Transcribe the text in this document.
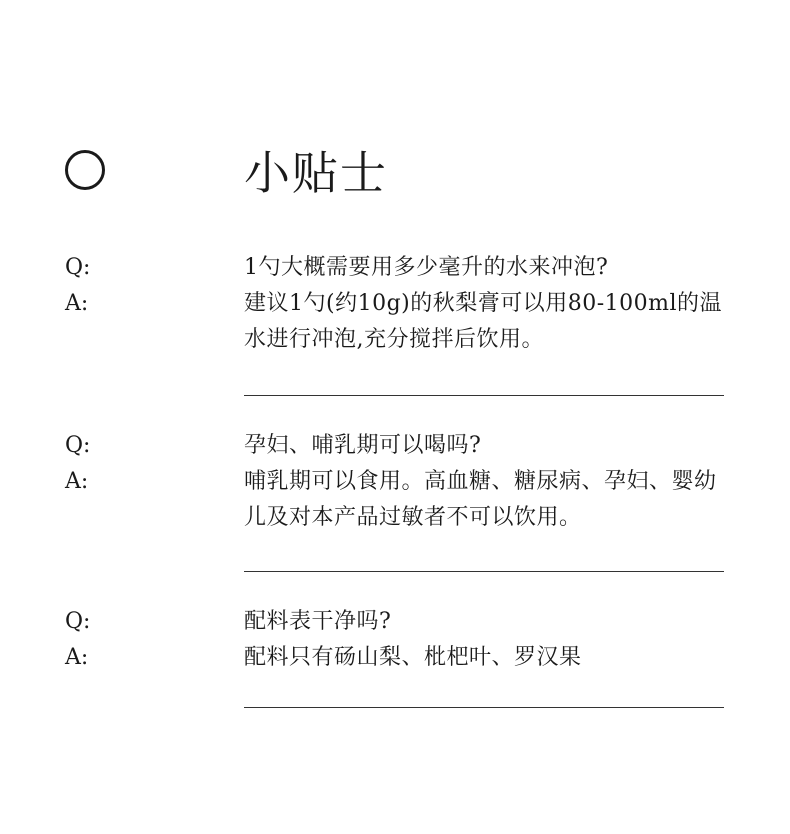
小贴士
Q:	1勺大概需要用多少毫升的水来冲泡?
A:	建议1勺(约10g)的秋梨膏可以用80-100ml的温水进行冲泡,充分搅拌后饮用。
Q:	孕妇、哺乳期可以喝吗?
A:	哺乳期可以食用。高血糖、糖尿病、孕妇、婴幼儿及对本产品过敏者不可以饮用。
Q:	配料表干净吗?
A:	配料只有砀山梨、枇杷叶、罗汉果
